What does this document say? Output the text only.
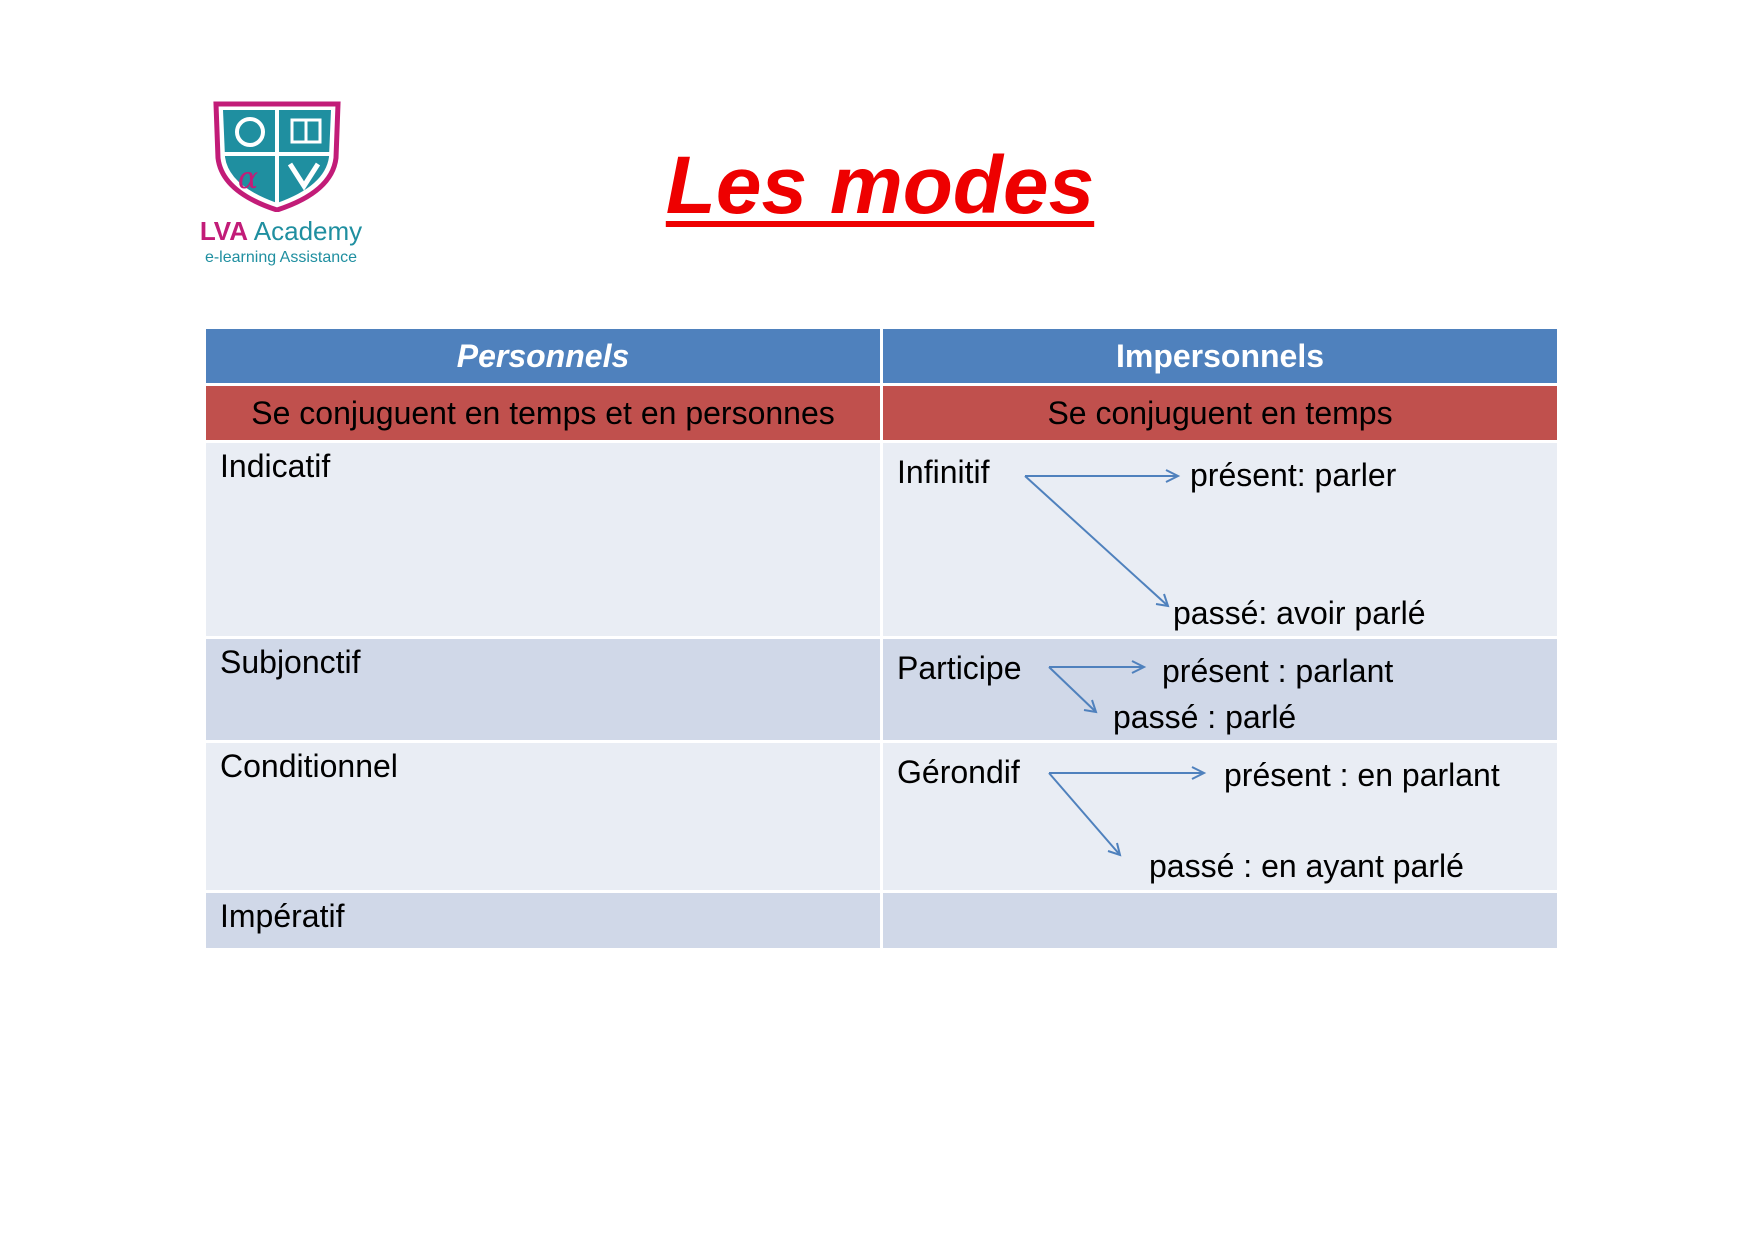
α
LVA Academy
e-learning Assistance
Les modes
Personnels	Impersonnels
Se conjuguent en temps et en personnes	Se conjuguent en temps
Indicatif	Infinitif présent: parler
passé: avoir parlé

Subjonctif	Participe présent : parlant
passé : parlé

Conditionnel	Gérondif présent : en parlant
passé : en ayant parlé

Impératif	
